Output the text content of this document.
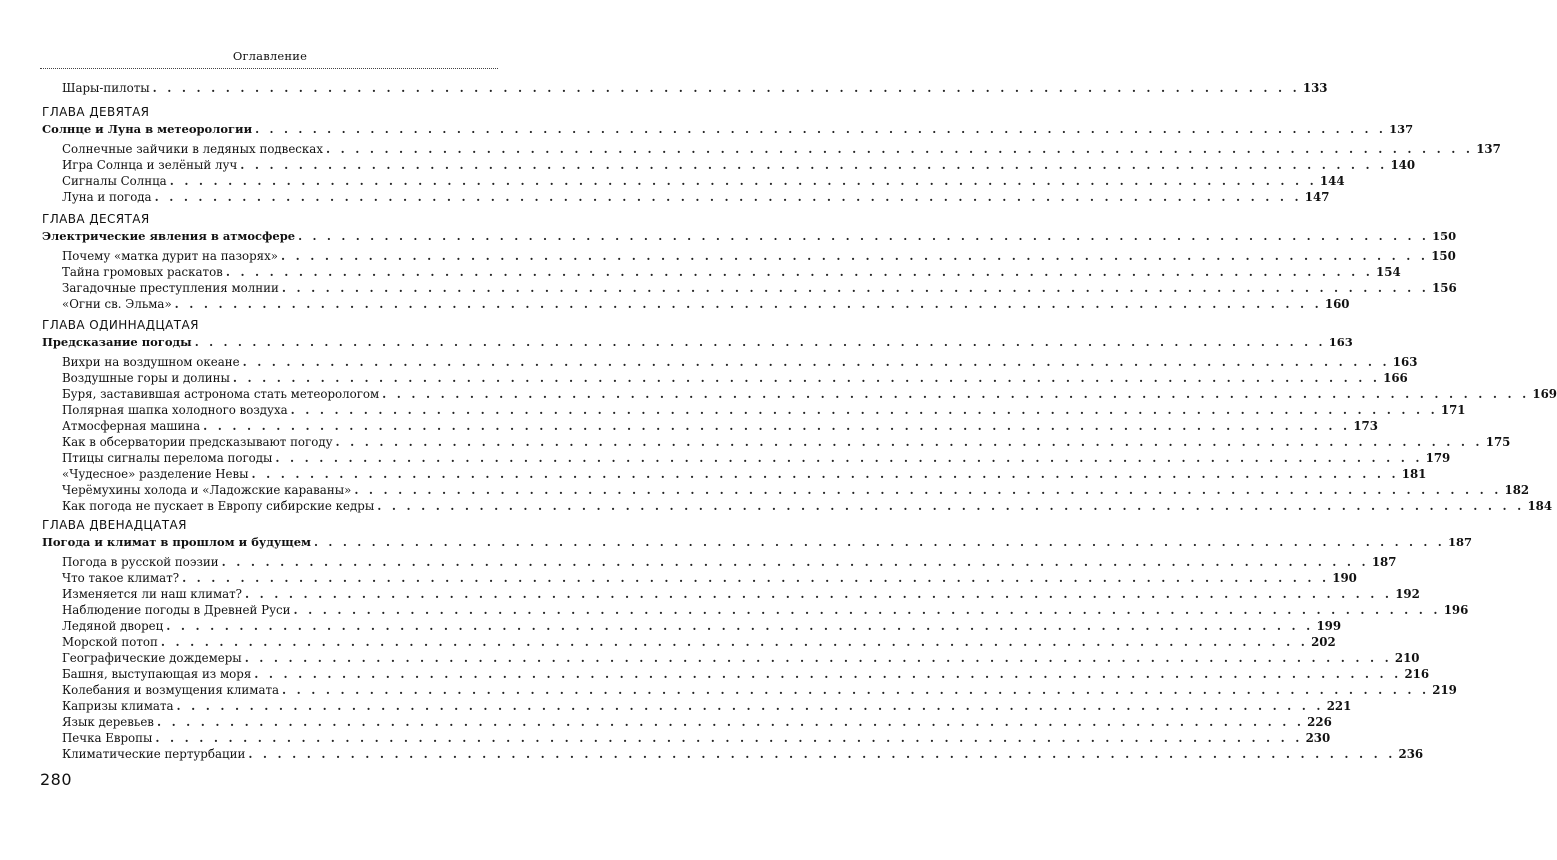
Оглавление
Шары-пилоты . . . . . . . . . . . . . . . . . . . . . . . . . . . . . . . . . . . . . . . . . . . . . . . . . . . . . . . . . . . . . . . . . . . . . . . . . . . . . . . 133
ГЛАВА ДЕВЯТАЯ
Солнце и Луна в метеорологии . . . . . . . . . . . . . . . . . . . . . . . . . . . . . . . . . . . . . . . . . . . . . . . . . . . . . . . . . . . . . . . . . . . . . . . . . . . . . . . 137
Солнечные зайчики в ледяных подвесках . . . . . . . . . . . . . . . . . . . . . . . . . . . . . . . . . . . . . . . . . . . . . . . . . . . . . . . . . . . . . . . . . . . . . . . . . . . . . . . 137
Игра Солнца и зелёный луч . . . . . . . . . . . . . . . . . . . . . . . . . . . . . . . . . . . . . . . . . . . . . . . . . . . . . . . . . . . . . . . . . . . . . . . . . . . . . . . 140
Сигналы Солнца . . . . . . . . . . . . . . . . . . . . . . . . . . . . . . . . . . . . . . . . . . . . . . . . . . . . . . . . . . . . . . . . . . . . . . . . . . . . . . . 144
Луна и погода . . . . . . . . . . . . . . . . . . . . . . . . . . . . . . . . . . . . . . . . . . . . . . . . . . . . . . . . . . . . . . . . . . . . . . . . . . . . . . . 147
ГЛАВА ДЕСЯТАЯ
Электрические явления в атмосфере . . . . . . . . . . . . . . . . . . . . . . . . . . . . . . . . . . . . . . . . . . . . . . . . . . . . . . . . . . . . . . . . . . . . . . . . . . . . . . . 150
Почему «матка дурит на пазорях» . . . . . . . . . . . . . . . . . . . . . . . . . . . . . . . . . . . . . . . . . . . . . . . . . . . . . . . . . . . . . . . . . . . . . . . . . . . . . . . 150
Тайна громовых раскатов . . . . . . . . . . . . . . . . . . . . . . . . . . . . . . . . . . . . . . . . . . . . . . . . . . . . . . . . . . . . . . . . . . . . . . . . . . . . . . . 154
Загадочные преступления молнии . . . . . . . . . . . . . . . . . . . . . . . . . . . . . . . . . . . . . . . . . . . . . . . . . . . . . . . . . . . . . . . . . . . . . . . . . . . . . . . 156
«Огни св. Эльма» . . . . . . . . . . . . . . . . . . . . . . . . . . . . . . . . . . . . . . . . . . . . . . . . . . . . . . . . . . . . . . . . . . . . . . . . . . . . . . . 160
ГЛАВА ОДИННАДЦАТАЯ
Предсказание погоды . . . . . . . . . . . . . . . . . . . . . . . . . . . . . . . . . . . . . . . . . . . . . . . . . . . . . . . . . . . . . . . . . . . . . . . . . . . . . . . 163
Вихри на воздушном океане . . . . . . . . . . . . . . . . . . . . . . . . . . . . . . . . . . . . . . . . . . . . . . . . . . . . . . . . . . . . . . . . . . . . . . . . . . . . . . . 163
Воздушные горы и долины . . . . . . . . . . . . . . . . . . . . . . . . . . . . . . . . . . . . . . . . . . . . . . . . . . . . . . . . . . . . . . . . . . . . . . . . . . . . . . . 166
Буря, заставившая астронома стать метеорологом . . . . . . . . . . . . . . . . . . . . . . . . . . . . . . . . . . . . . . . . . . . . . . . . . . . . . . . . . . . . . . . . . . . . . . . . . . . . . . . 169
Полярная шапка холодного воздуха . . . . . . . . . . . . . . . . . . . . . . . . . . . . . . . . . . . . . . . . . . . . . . . . . . . . . . . . . . . . . . . . . . . . . . . . . . . . . . . 171
Атмосферная машина . . . . . . . . . . . . . . . . . . . . . . . . . . . . . . . . . . . . . . . . . . . . . . . . . . . . . . . . . . . . . . . . . . . . . . . . . . . . . . . 173
Как в обсерватории предсказывают погоду . . . . . . . . . . . . . . . . . . . . . . . . . . . . . . . . . . . . . . . . . . . . . . . . . . . . . . . . . . . . . . . . . . . . . . . . . . . . . . . 175
Птицы сигналы перелома погоды . . . . . . . . . . . . . . . . . . . . . . . . . . . . . . . . . . . . . . . . . . . . . . . . . . . . . . . . . . . . . . . . . . . . . . . . . . . . . . . 179
«Чудесное» разделение Невы . . . . . . . . . . . . . . . . . . . . . . . . . . . . . . . . . . . . . . . . . . . . . . . . . . . . . . . . . . . . . . . . . . . . . . . . . . . . . . . 181
Черёмухины холода и «Ладожские караваны» . . . . . . . . . . . . . . . . . . . . . . . . . . . . . . . . . . . . . . . . . . . . . . . . . . . . . . . . . . . . . . . . . . . . . . . . . . . . . . . 182
Как погода не пускает в Европу сибирские кедры . . . . . . . . . . . . . . . . . . . . . . . . . . . . . . . . . . . . . . . . . . . . . . . . . . . . . . . . . . . . . . . . . . . . . . . . . . . . . . . 184
ГЛАВА ДВЕНАДЦАТАЯ
Погода и климат в прошлом и будущем . . . . . . . . . . . . . . . . . . . . . . . . . . . . . . . . . . . . . . . . . . . . . . . . . . . . . . . . . . . . . . . . . . . . . . . . . . . . . . . 187
Погода в русской поэзии . . . . . . . . . . . . . . . . . . . . . . . . . . . . . . . . . . . . . . . . . . . . . . . . . . . . . . . . . . . . . . . . . . . . . . . . . . . . . . . 187
Что такое климат? . . . . . . . . . . . . . . . . . . . . . . . . . . . . . . . . . . . . . . . . . . . . . . . . . . . . . . . . . . . . . . . . . . . . . . . . . . . . . . . 190
Изменяется ли наш климат? . . . . . . . . . . . . . . . . . . . . . . . . . . . . . . . . . . . . . . . . . . . . . . . . . . . . . . . . . . . . . . . . . . . . . . . . . . . . . . . 192
Наблюдение погоды в Древней Руси . . . . . . . . . . . . . . . . . . . . . . . . . . . . . . . . . . . . . . . . . . . . . . . . . . . . . . . . . . . . . . . . . . . . . . . . . . . . . . . 196
Ледяной дворец . . . . . . . . . . . . . . . . . . . . . . . . . . . . . . . . . . . . . . . . . . . . . . . . . . . . . . . . . . . . . . . . . . . . . . . . . . . . . . . 199
Морской потоп . . . . . . . . . . . . . . . . . . . . . . . . . . . . . . . . . . . . . . . . . . . . . . . . . . . . . . . . . . . . . . . . . . . . . . . . . . . . . . . 202
Географические дождемеры . . . . . . . . . . . . . . . . . . . . . . . . . . . . . . . . . . . . . . . . . . . . . . . . . . . . . . . . . . . . . . . . . . . . . . . . . . . . . . . 210
Башня, выступающая из моря . . . . . . . . . . . . . . . . . . . . . . . . . . . . . . . . . . . . . . . . . . . . . . . . . . . . . . . . . . . . . . . . . . . . . . . . . . . . . . . 216
Колебания и возмущения климата . . . . . . . . . . . . . . . . . . . . . . . . . . . . . . . . . . . . . . . . . . . . . . . . . . . . . . . . . . . . . . . . . . . . . . . . . . . . . . . 219
Капризы климата . . . . . . . . . . . . . . . . . . . . . . . . . . . . . . . . . . . . . . . . . . . . . . . . . . . . . . . . . . . . . . . . . . . . . . . . . . . . . . . 221
Язык деревьев . . . . . . . . . . . . . . . . . . . . . . . . . . . . . . . . . . . . . . . . . . . . . . . . . . . . . . . . . . . . . . . . . . . . . . . . . . . . . . . 226
Печка Европы . . . . . . . . . . . . . . . . . . . . . . . . . . . . . . . . . . . . . . . . . . . . . . . . . . . . . . . . . . . . . . . . . . . . . . . . . . . . . . . 230
Климатические пертурбации . . . . . . . . . . . . . . . . . . . . . . . . . . . . . . . . . . . . . . . . . . . . . . . . . . . . . . . . . . . . . . . . . . . . . . . . . . . . . . . 236
280
